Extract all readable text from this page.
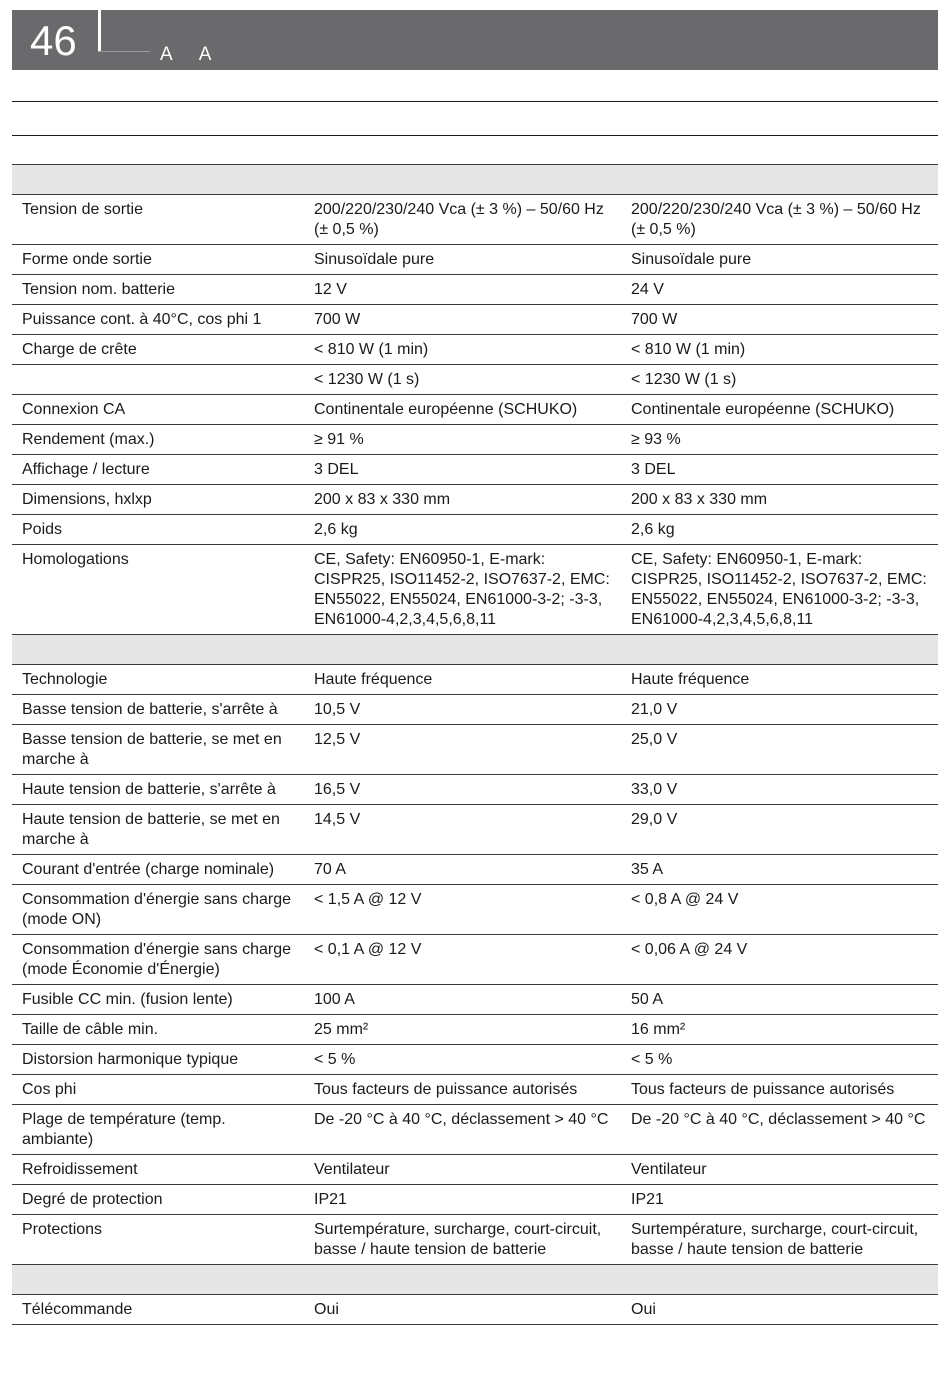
46	A A

Tension de sortie	200/220/230/240 Vca (± 3 %) – 50/60 Hz (± 0,5 %)	200/220/230/240 Vca (± 3 %) – 50/60 Hz (± 0,5 %)
Forme onde sortie	Sinusoïdale pure	Sinusoïdale pure
Tension nom. batterie	12 V	24 V
Puissance cont. à 40°C, cos phi 1	700 W	700 W
Charge de crête	< 810 W (1 min)	< 810 W (1 min)
	< 1230 W (1 s)	< 1230 W (1 s)
Connexion CA	Continentale européenne (SCHUKO)	Continentale européenne (SCHUKO)
Rendement (max.)	≥ 91 %	≥ 93 %
Affichage / lecture	3 DEL	3 DEL
Dimensions, hxlxp	200 x 83 x 330 mm	200 x 83 x 330 mm
Poids	2,6 kg	2,6 kg
Homologations	CE, Safety: EN60950-1, E-mark: CISPR25, ISO11452-2, ISO7637-2, EMC: EN55022, EN55024, EN61000-3-2; -3-3, EN61000-4,2,3,4,5,6,8,11	CE, Safety: EN60950-1, E-mark: CISPR25, ISO11452-2, ISO7637-2, EMC: EN55022, EN55024, EN61000-3-2; -3-3, EN61000-4,2,3,4,5,6,8,11

Technologie	Haute fréquence	Haute fréquence
Basse tension de batterie, s'arrête à	10,5 V	21,0 V
Basse tension de batterie, se met en marche à	12,5 V	25,0 V
Haute tension de batterie, s'arrête à	16,5 V	33,0 V
Haute tension de batterie, se met en marche à	14,5 V	29,0 V
Courant d'entrée (charge nominale)	70 A	35 A
Consommation d'énergie sans charge (mode ON)	< 1,5 A @ 12 V	< 0,8 A @ 24 V
Consommation d'énergie sans charge (mode Économie d'Énergie)	< 0,1 A @ 12 V	< 0,06 A @ 24 V
Fusible CC min. (fusion lente)	100 A	50 A
Taille de câble min.	25 mm²	16 mm²
Distorsion harmonique typique	< 5 %	< 5 %
Cos phi	Tous facteurs de puissance autorisés	Tous facteurs de puissance autorisés
Plage de température (temp. ambiante)	De -20 °C à 40 °C, déclassement > 40 °C	De -20 °C à 40 °C, déclassement > 40 °C
Refroidissement	Ventilateur	Ventilateur
Degré de protection	IP21	IP21
Protections	Surtempérature, surcharge, court-circuit, basse / haute tension de batterie	Surtempérature, surcharge, court-circuit, basse / haute tension de batterie

Télécommande	Oui	Oui
